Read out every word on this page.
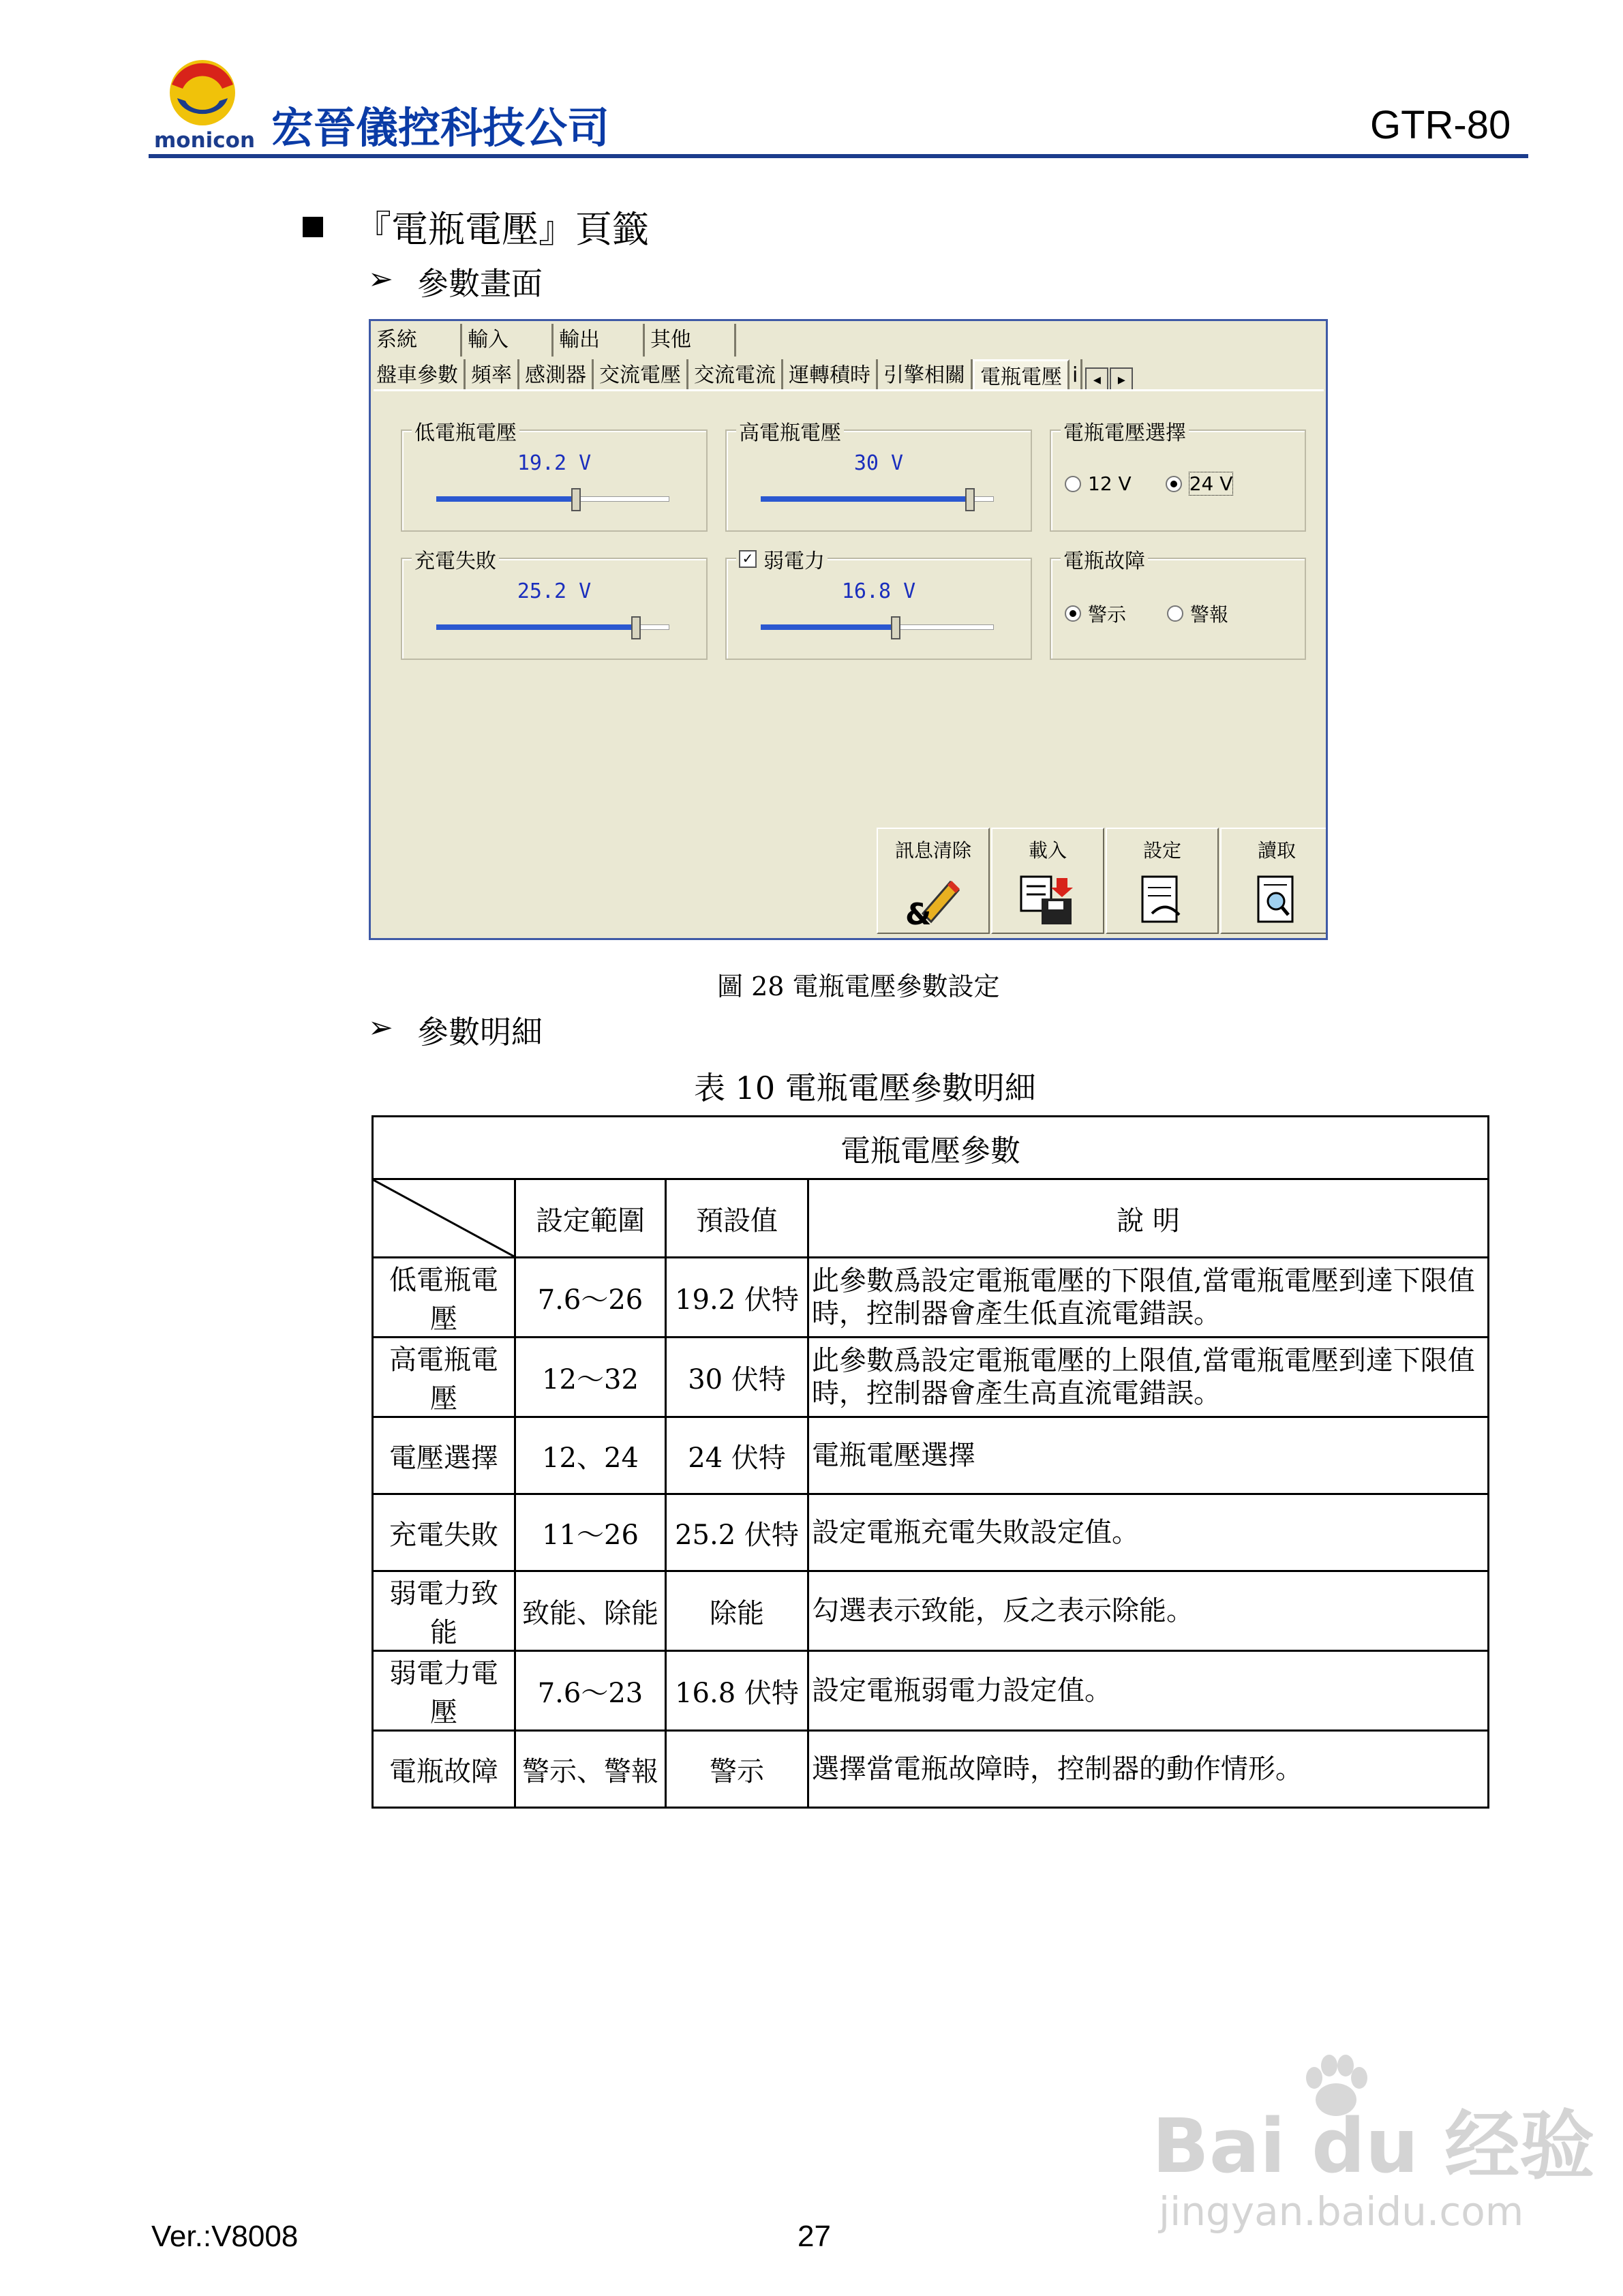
monicon 宏晉儀控科技公司	GTR-80
『電瓶電壓』頁籤
➢ 參數畫面
系統	輸入	輸出	其他
盤車參數 頻率 感測器 交流電壓 交流電流 運轉積時 引擎相關 電瓶電壓 i	◂	▸
低電瓶電壓
19.2 V
高電瓶電壓
30 V
電瓶電壓選擇
12 V	24 V
充電失敗
25.2 V
✓ 弱電力
16.8 V
電瓶故障
警示	警報
訊息清除
&
載入	設定	讀取
圖 28 電瓶電壓參數設定
➢ 參數明細
表 10 電瓶電壓參數明細
電瓶電壓參數			

	設定範圍	預設值	說 明
低電瓶電壓	7.6～26	19.2 伏特	此參數爲設定電瓶電壓的下限值,當電瓶電壓到達下限值時，控制器會產生低直流電錯誤。
高電瓶電壓	12～32	30 伏特	此參數爲設定電瓶電壓的上限值,當電瓶電壓到達下限值時，控制器會產生高直流電錯誤。
電壓選擇	12、24	24 伏特	電瓶電壓選擇
充電失敗	11～26	25.2 伏特	設定電瓶充電失敗設定值。
弱電力致能	致能、除能	除能	勾選表示致能，反之表示除能。
弱電力電壓	7.6～23	16.8 伏特	設定電瓶弱電力設定值。
電瓶故障	警示、警報	警示	選擇當電瓶故障時，控制器的動作情形。
Bai du 经验
jingyan.baidu.com
Ver.:V8008	27
